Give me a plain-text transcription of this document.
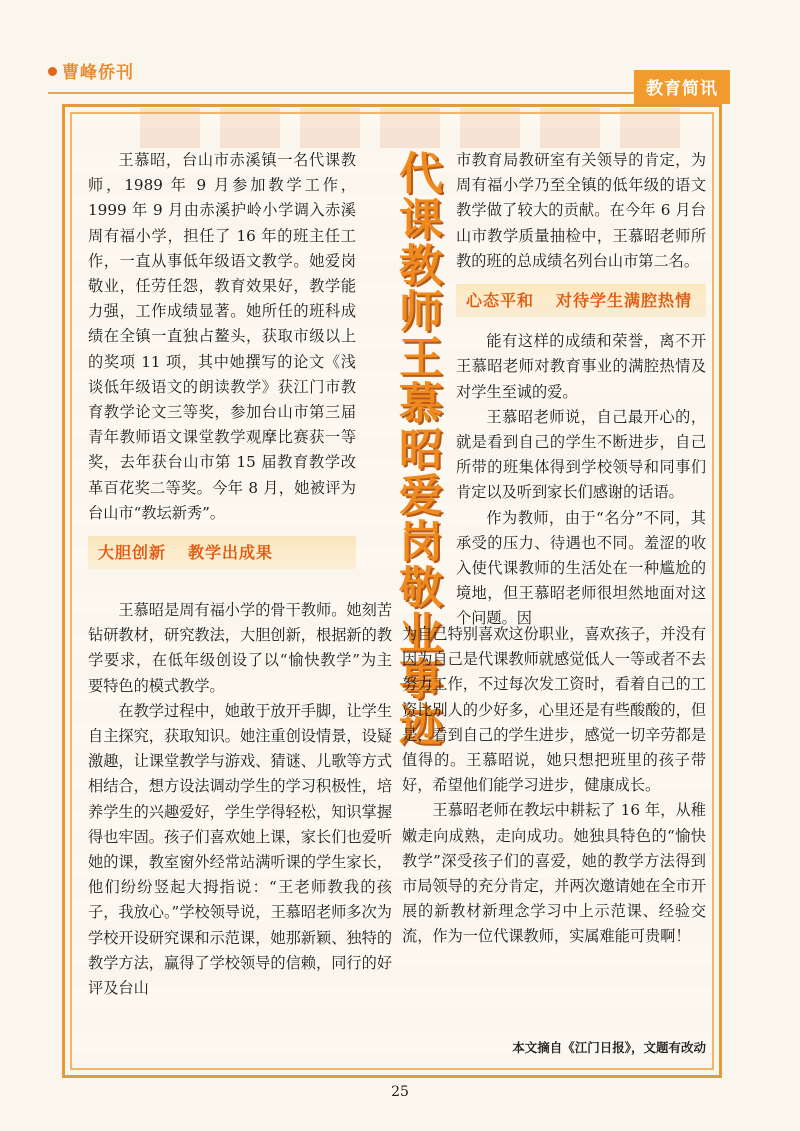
曹峰侨刊
教育简讯

王慕昭，台山市赤溪镇一名代课教师，1989 年 9 月参加教学工作，1999 年 9 月由赤溪护岭小学调入赤溪周有福小学，担任了 16 年的班主任工作，一直从事低年级语文教学。她爱岗敬业，任劳任怨，教育效果好，教学能力强，工作成绩显著。她所任的班科成绩在全镇一直独占鳌头，获取市级以上的奖项 11 项，其中她撰写的论文《浅谈低年级语文的朗读教学》获江门市教育教学论文三等奖，参加台山市第三届青年教师语文课堂教学观摩比赛获一等奖，去年获台山市第 15 届教育教学改革百花奖二等奖。今年 8 月，她被评为台山市“教坛新秀”。

大胆创新 教学出成果

王慕昭是周有福小学的骨干教师。她刻苦钻研教材，研究教法，大胆创新，根据新的教学要求，在低年级创设了以“愉快教学”为主要特色的模式教学。

在教学过程中，她敢于放开手脚，让学生自主探究，获取知识。她注重创设情景，设疑激趣，让课堂教学与游戏、猜谜、儿歌等方式相结合，想方设法调动学生的学习积极性，培养学生的兴趣爱好，学生学得轻松，知识掌握得也牢固。孩子们喜欢她上课，家长们也爱听她的课，教室窗外经常站满听课的学生家长，他们纷纷竖起大拇指说：“王老师教我的孩子，我放心。”学校领导说，王慕昭老师多次为学校开设研究课和示范课，她那新颖、独特的教学方法，赢得了学校领导的信赖，同行的好评及台山

代课教师王慕昭爱岗敬业事迹 市教育局教研室有关领导的肯定，为周有福小学乃至全镇的低年级的语文教学做了较大的贡献。在今年 6 月台山市教学质量抽检中，王慕昭老师所教的班的总成绩名列台山市第二名。

心态平和 对待学生满腔热情

能有这样的成绩和荣誉，离不开王慕昭老师对教育事业的满腔热情及对学生至诚的爱。

王慕昭老师说，自己最开心的，就是看到自己的学生不断进步，自己所带的班集体得到学校领导和同事们肯定以及听到家长们感谢的话语。

作为教师，由于“名分”不同，其承受的压力、待遇也不同。羞涩的收入使代课教师的生活处在一种尴尬的境地，但王慕昭老师很坦然地面对这个问题。因

为自己特别喜欢这份职业，喜欢孩子，并没有因为自己是代课教师就感觉低人一等或者不去努力工作，不过每次发工资时，看着自己的工资比别人的少好多，心里还是有些酸酸的，但是，看到自己的学生进步，感觉一切辛劳都是值得的。王慕昭说，她只想把班里的孩子带好，希望他们能学习进步，健康成长。

王慕昭老师在教坛中耕耘了 16 年，从稚嫩走向成熟，走向成功。她独具特色的“愉快教学”深受孩子们的喜爱，她的教学方法得到市局领导的充分肯定，并两次邀请她在全市开展的新教材新理念学习中上示范课、经验交流，作为一位代课教师，实属难能可贵啊！

本文摘自《江门日报》，文题有改动
25
